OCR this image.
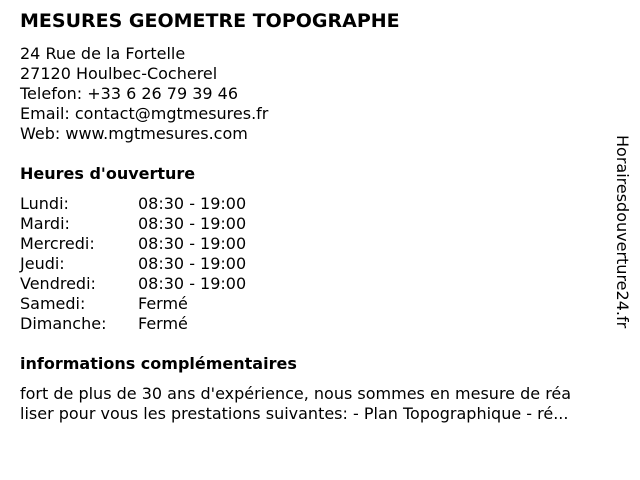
MESURES GEOMETRE TOPOGRAPHE
24 Rue de la Fortelle
27120 Houlbec-Cocherel
Telefon: +33 6 26 79 39 46
Email: contact@mgtmesures.fr
Web: www.mgtmesures.com
Heures d'ouverture
Lundi:	08:30 - 19:00
Mardi:	08:30 - 19:00
Mercredi:	08:30 - 19:00
Jeudi:	08:30 - 19:00
Vendredi:	08:30 - 19:00
Samedi:	Fermé
Dimanche:	Fermé
informations complémentaires
fort de plus de 30 ans d'expérience, nous sommes en mesure de réa
liser pour vous les prestations suivantes: - Plan Topographique - ré...
Horairesdouverture24.fr
